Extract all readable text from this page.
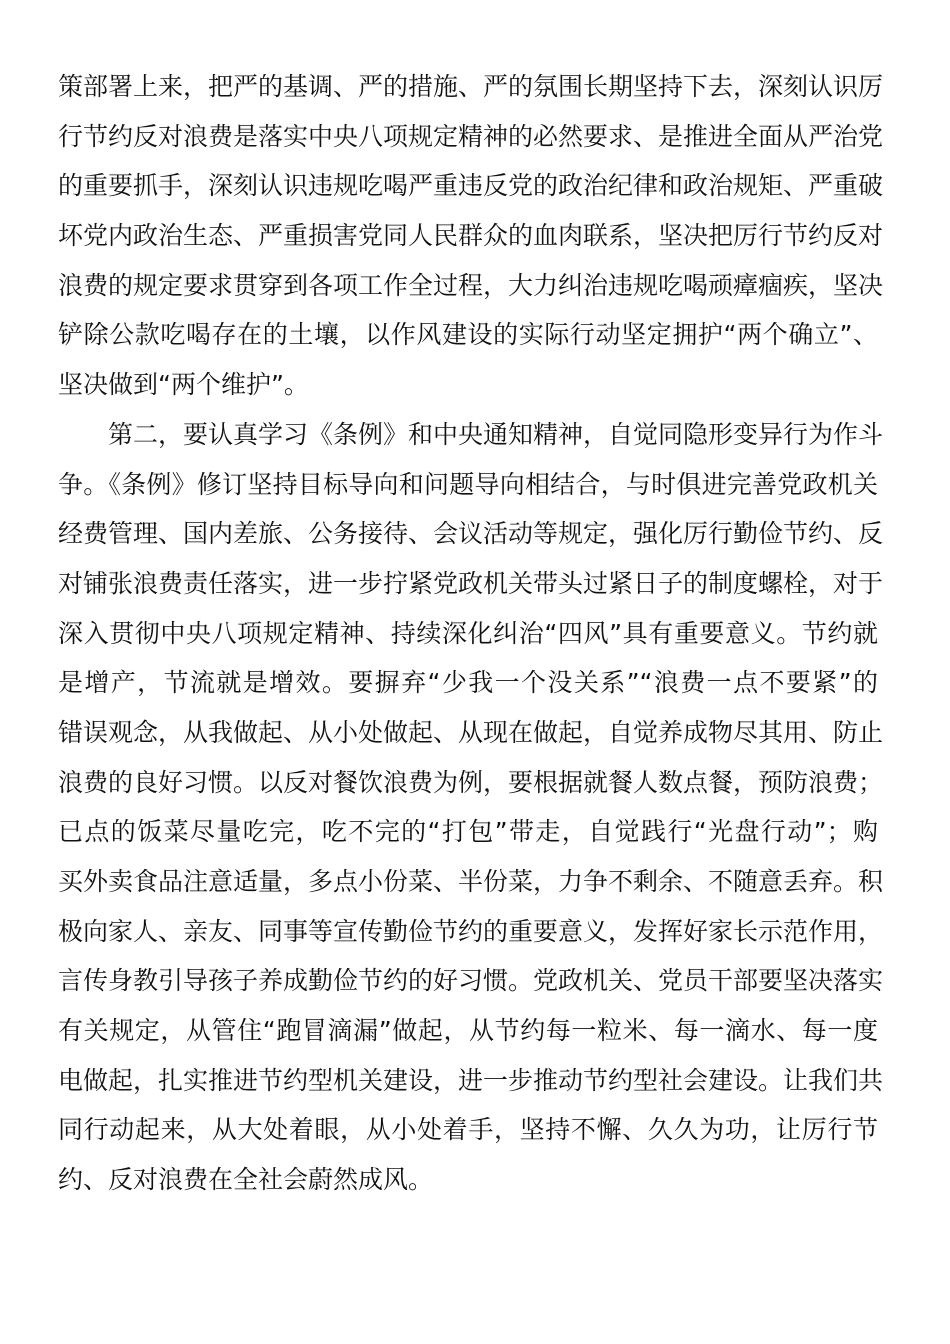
策部署上来，把严的基调、严的措施、严的氛围长期坚持下去，深刻认识厉
行节约反对浪费是落实中央八项规定精神的必然要求、是推进全面从严治党
的重要抓手，深刻认识违规吃喝严重违反党的政治纪律和政治规矩、严重破
坏党内政治生态、严重损害党同人民群众的血肉联系，坚决把厉行节约反对
浪费的规定要求贯穿到各项工作全过程，大力纠治违规吃喝顽瘴痼疾，坚决
铲除公款吃喝存在的土壤，以作风建设的实际行动坚定拥护“两个确立”、
坚决做到“两个维护”。
第二，要认真学习《条例》和中央通知精神，自觉同隐形变异行为作斗
争。《条例》修订坚持目标导向和问题导向相结合，与时俱进完善党政机关
经费管理、国内差旅、公务接待、会议活动等规定，强化厉行勤俭节约、反
对铺张浪费责任落实，进一步拧紧党政机关带头过紧日子的制度螺栓，对于
深入贯彻中央八项规定精神、持续深化纠治“四风”具有重要意义。节约就
是增产，节流就是增效。要摒弃“少我一个没关系”“浪费一点不要紧”的
错误观念，从我做起、从小处做起、从现在做起，自觉养成物尽其用、防止
浪费的良好习惯。以反对餐饮浪费为例，要根据就餐人数点餐，预防浪费；
已点的饭菜尽量吃完，吃不完的“打包”带走，自觉践行“光盘行动”；购
买外卖食品注意适量，多点小份菜、半份菜，力争不剩余、不随意丢弃。积
极向家人、亲友、同事等宣传勤俭节约的重要意义，发挥好家长示范作用，
言传身教引导孩子养成勤俭节约的好习惯。党政机关、党员干部要坚决落实
有关规定，从管住“跑冒滴漏”做起，从节约每一粒米、每一滴水、每一度
电做起，扎实推进节约型机关建设，进一步推动节约型社会建设。让我们共
同行动起来，从大处着眼，从小处着手，坚持不懈、久久为功，让厉行节
约、反对浪费在全社会蔚然成风。
